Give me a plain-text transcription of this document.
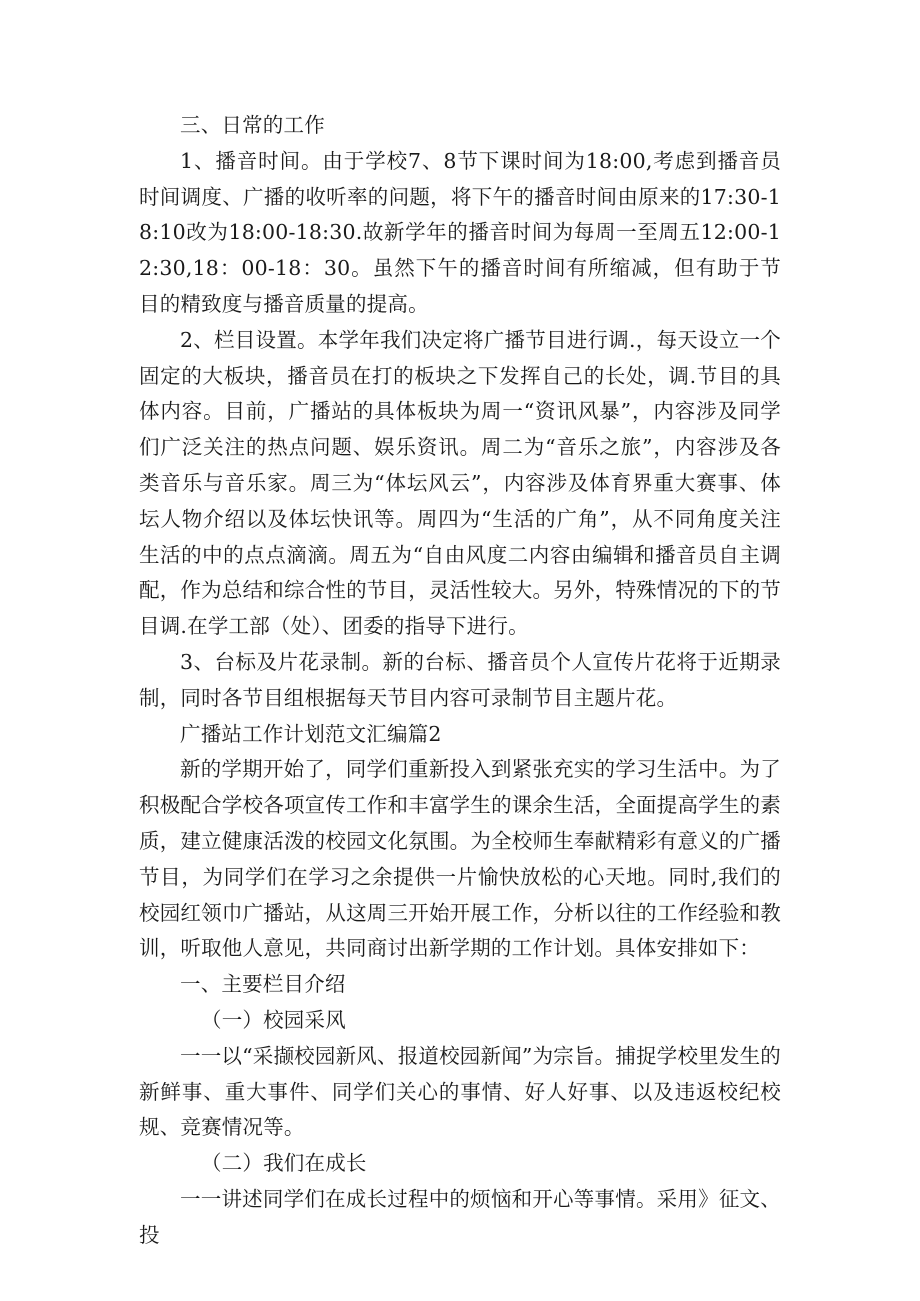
三、日常的工作

1、播音时间。由于学校7、8节下课时间为18:00,考虑到播音员时间调度、广播的收听率的问题，将下午的播音时间由原来的17:30-18:10改为18:00-18:30.故新学年的播音时间为每周一至周五12:00-12:30,18：00-18：30。虽然下午的播音时间有所缩减，但有助于节目的精致度与播音质量的提高。

2、栏目设置。本学年我们决定将广播节目进行调.，每天设立一个固定的大板块，播音员在打的板块之下发挥自己的长处，调.节目的具体内容。目前，广播站的具体板块为周一“资讯风暴”，内容涉及同学们广泛关注的热点问题、娱乐资讯。周二为“音乐之旅”，内容涉及各类音乐与音乐家。周三为“体坛风云”，内容涉及体育界重大赛事、体坛人物介绍以及体坛快讯等。周四为“生活的广角”，从不同角度关注生活的中的点点滴滴。周五为“自由风度二内容由编辑和播音员自主调配，作为总结和综合性的节目，灵活性较大。另外，特殊情况的下的节目调.在学工部（处）、团委的指导下进行。

3、台标及片花录制。新的台标、播音员个人宣传片花将于近期录制，同时各节目组根据每天节目内容可录制节目主题片花。

广播站工作计划范文汇编篇2

新的学期开始了，同学们重新投入到紧张充实的学习生活中。为了积极配合学校各项宣传工作和丰富学生的课余生活，全面提高学生的素质，建立健康活泼的校园文化氛围。为全校师生奉献精彩有意义的广播节目，为同学们在学习之余提供一片愉快放松的心天地。同时,我们的校园红领巾广播站，从这周三开始开展工作，分析以往的工作经验和教训，听取他人意见，共同商讨出新学期的工作计划。具体安排如下：

一、主要栏目介绍

（一）校园采风

一一以“采撷校园新风、报道校园新闻”为宗旨。捕捉学校里发生的新鲜事、重大事件、同学们关心的事情、好人好事、以及违返校纪校规、竞赛情况等。

（二）我们在成长

一一讲述同学们在成长过程中的烦恼和开心等事情。采用》征文、投
